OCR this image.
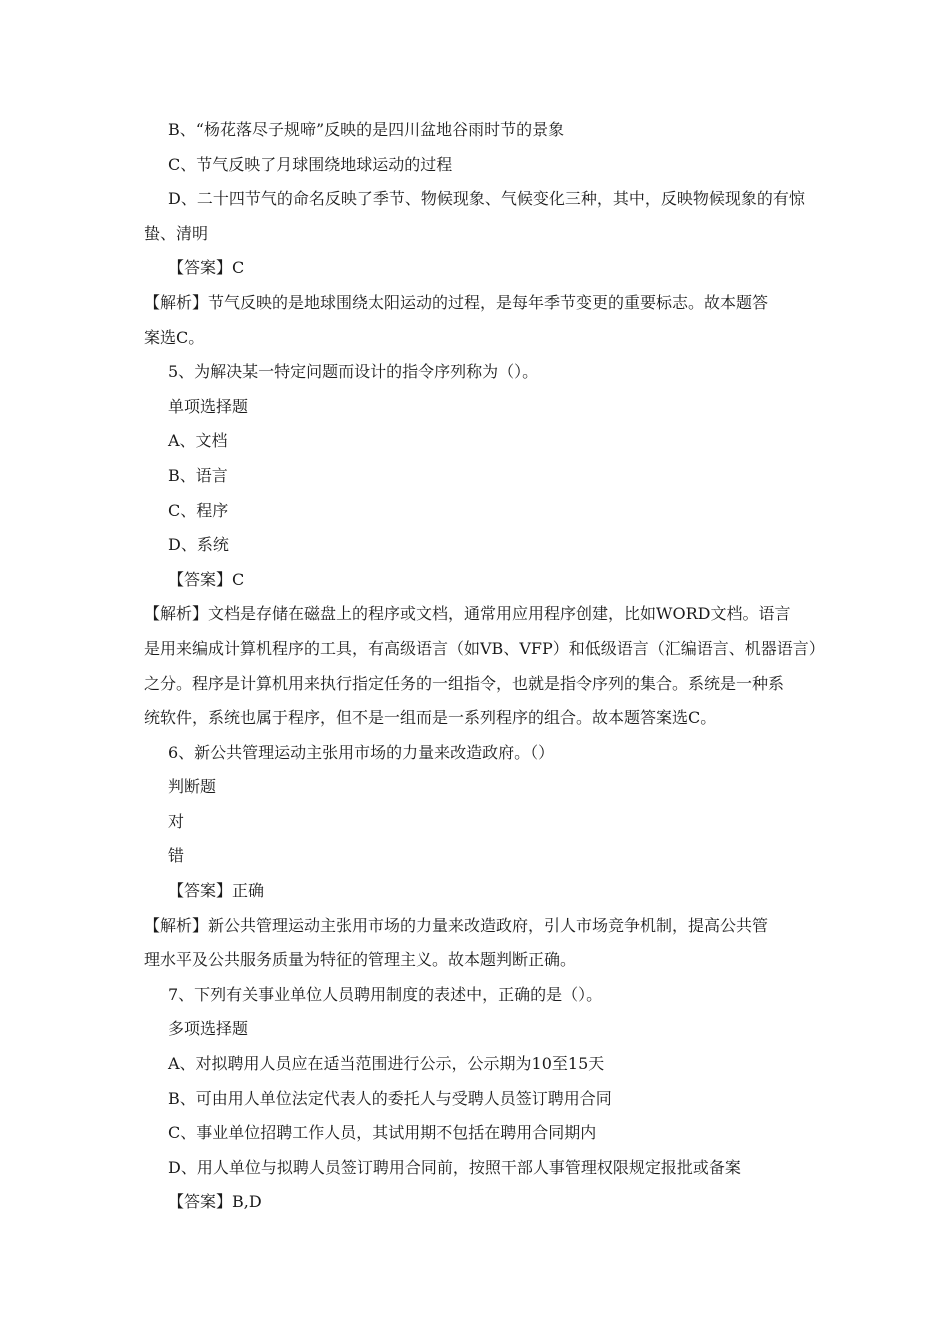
B、“杨花落尽子规啼”反映的是四川盆地谷雨时节的景象
C、节气反映了月球围绕地球运动的过程
D、二十四节气的命名反映了季节、物候现象、气候变化三种，其中，反映物候现象的有惊
蛰、清明
【答案】C
【解析】节气反映的是地球围绕太阳运动的过程，是每年季节变更的重要标志。故本题答
案选C。
5、为解决某一特定问题而设计的指令序列称为（）。
单项选择题
A、文档
B、语言
C、程序
D、系统
【答案】C
【解析】文档是存储在磁盘上的程序或文档，通常用应用程序创建，比如WORD文档。语言
是用来编成计算机程序的工具，有高级语言（如VB、VFP）和低级语言（汇编语言、机器语言）
之分。程序是计算机用来执行指定任务的一组指令，也就是指令序列的集合。系统是一种系
统软件，系统也属于程序，但不是一组而是一系列程序的组合。故本题答案选C。
6、新公共管理运动主张用市场的力量来改造政府。（）
判断题
对
错
【答案】正确
【解析】新公共管理运动主张用市场的力量来改造政府，引人市场竞争机制，提高公共管
理水平及公共服务质量为特征的管理主义。故本题判断正确。
7、下列有关事业单位人员聘用制度的表述中，正确的是（）。
多项选择题
A、对拟聘用人员应在适当范围进行公示，公示期为10至15天
B、可由用人单位法定代表人的委托人与受聘人员签订聘用合同
C、事业单位招聘工作人员，其试用期不包括在聘用合同期内
D、用人单位与拟聘人员签订聘用合同前，按照干部人事管理权限规定报批或备案
【答案】B,D
